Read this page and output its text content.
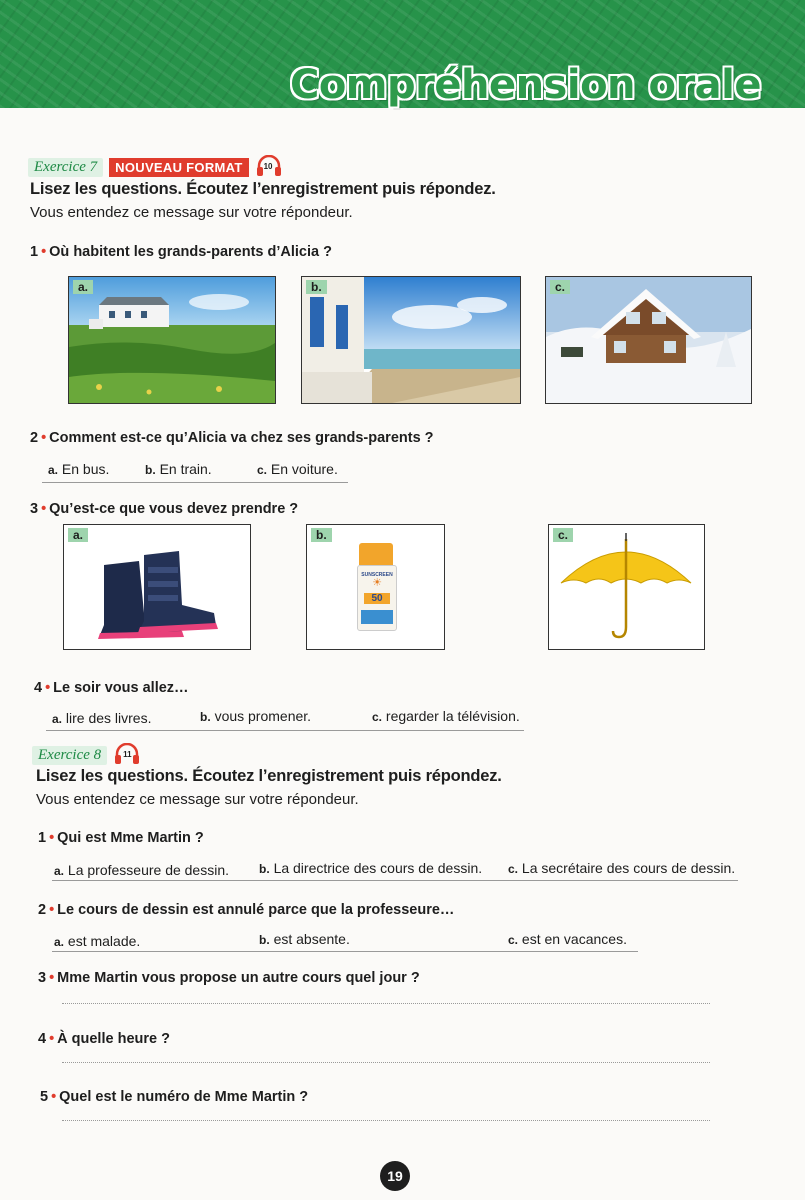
Compréhension orale
Exercice 7	NOUVEAU FORMAT	10
Lisez les questions. Écoutez l’enregistrement puis répondez.
Vous entendez ce message sur votre répondeur.
1 • Où habitent les grands-parents d’Alicia ?
a.	b.	c.
2 • Comment est-ce qu’Alicia va chez ses grands-parents ?
a. En bus.	b. En train.	c. En voiture.
3 • Qu’est-ce que vous devez prendre ?
a.	b.
SUNSCREEN
☀
50
c.
4 • Le soir vous allez…
a. lire des livres.	b. vous promener.	c. regarder la télévision.
Exercice 8	11
Lisez les questions. Écoutez l’enregistrement puis répondez.
Vous entendez ce message sur votre répondeur.
1 • Qui est Mme Martin ?
a. La professeure de dessin. b. La directrice des cours de dessin. c. La secrétaire des cours de dessin.
2 • Le cours de dessin est annulé parce que la professeure…
a. est malade.	b. est absente.	c. est en vacances.
3 • Mme Martin vous propose un autre cours quel jour ?
4 • À quelle heure ?
5 • Quel est le numéro de Mme Martin ?
19
